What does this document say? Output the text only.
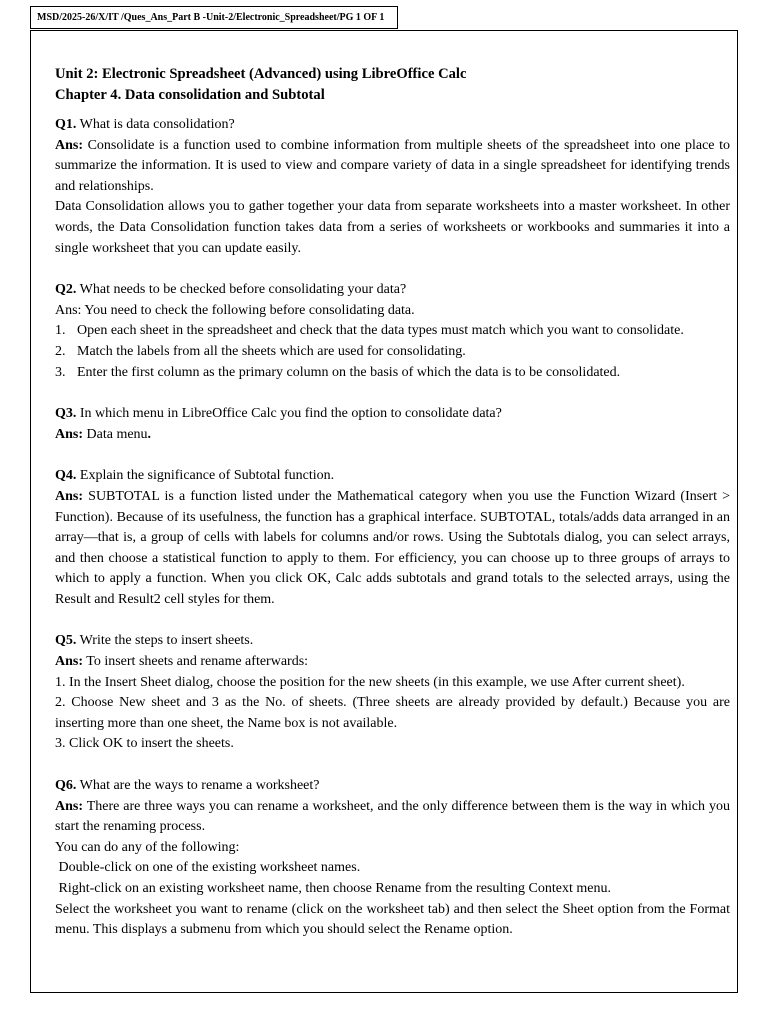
MSD/2025-26/X/IT /Ques_Ans_Part B -Unit-2/Electronic_Spreadsheet/PG 1 OF 1
Unit 2: Electronic Spreadsheet (Advanced) using LibreOffice Calc
Chapter 4. Data consolidation and Subtotal
Q1. What is data consolidation?
Ans: Consolidate is a function used to combine information from multiple sheets of the spreadsheet into one place to summarize the information. It is used to view and compare variety of data in a single spreadsheet for identifying trends and relationships.
Data Consolidation allows you to gather together your data from separate worksheets into a master worksheet. In other words, the Data Consolidation function takes data from a series of worksheets or workbooks and summaries it into a single worksheet that you can update easily.
Q2. What needs to be checked before consolidating your data?
Ans: You need to check the following before consolidating data.
1. Open each sheet in the spreadsheet and check that the data types must match which you want to consolidate.
2. Match the labels from all the sheets which are used for consolidating.
3. Enter the first column as the primary column on the basis of which the data is to be consolidated.
Q3. In which menu in LibreOffice Calc you find the option to consolidate data?
Ans: Data menu.
Q4. Explain the significance of Subtotal function.
Ans: SUBTOTAL is a function listed under the Mathematical category when you use the Function Wizard (Insert > Function). Because of its usefulness, the function has a graphical interface. SUBTOTAL, totals/adds data arranged in an array—that is, a group of cells with labels for columns and/or rows. Using the Subtotals dialog, you can select arrays, and then choose a statistical function to apply to them. For efficiency, you can choose up to three groups of arrays to which to apply a function. When you click OK, Calc adds subtotals and grand totals to the selected arrays, using the Result and Result2 cell styles for them.
Q5. Write the steps to insert sheets.
Ans: To insert sheets and rename afterwards:
1. In the Insert Sheet dialog, choose the position for the new sheets (in this example, we use After current sheet).
2. Choose New sheet and 3 as the No. of sheets. (Three sheets are already provided by default.) Because you are inserting more than one sheet, the Name box is not available.
3. Click OK to insert the sheets.
Q6. What are the ways to rename a worksheet?
Ans: There are three ways you can rename a worksheet, and the only difference between them is the way in which you start the renaming process.
You can do any of the following:
Double-click on one of the existing worksheet names.
Right-click on an existing worksheet name, then choose Rename from the resulting Context menu.
Select the worksheet you want to rename (click on the worksheet tab) and then select the Sheet option from the Format menu. This displays a submenu from which you should select the Rename option.
